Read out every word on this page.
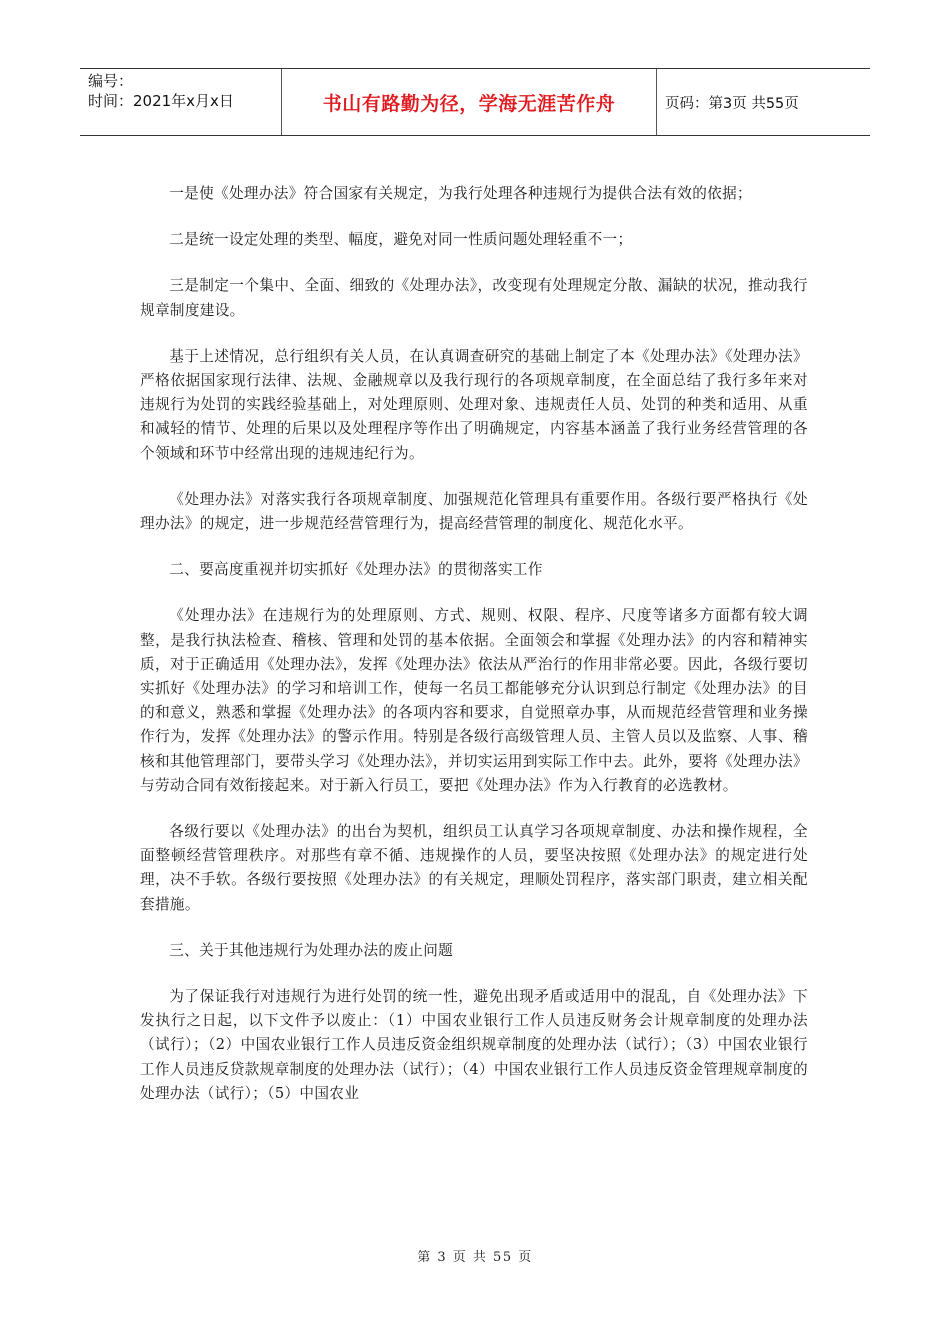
编号：
时间：2021年x月x日	书山有路勤为径，学海无涯苦作舟	页码：第3页 共55页

一是使《处理办法》符合国家有关规定，为我行处理各种违规行为提供合法有效的依据；

二是统一设定处理的类型、幅度，避免对同一性质问题处理轻重不一；

三是制定一个集中、全面、细致的《处理办法》，改变现有处理规定分散、漏缺的状况，推动我行规章制度建设。

基于上述情况，总行组织有关人员，在认真调查研究的基础上制定了本《处理办法》《处理办法》严格依据国家现行法律、法规、金融规章以及我行现行的各项规章制度，在全面总结了我行多年来对违规行为处罚的实践经验基础上，对处理原则、处理对象、违规责任人员、处罚的种类和适用、从重和减轻的情节、处理的后果以及处理程序等作出了明确规定，内容基本涵盖了我行业务经营管理的各个领域和环节中经常出现的违规违纪行为。

《处理办法》对落实我行各项规章制度、加强规范化管理具有重要作用。各级行要严格执行《处理办法》的规定，进一步规范经营管理行为，提高经营管理的制度化、规范化水平。

二、要高度重视并切实抓好《处理办法》的贯彻落实工作

《处理办法》在违规行为的处理原则、方式、规则、权限、程序、尺度等诸多方面都有较大调整，是我行执法检查、稽核、管理和处罚的基本依据。全面领会和掌握《处理办法》的内容和精神实质，对于正确适用《处理办法》，发挥《处理办法》依法从严治行的作用非常必要。因此，各级行要切实抓好《处理办法》的学习和培训工作，使每一名员工都能够充分认识到总行制定《处理办法》的目的和意义，熟悉和掌握《处理办法》的各项内容和要求，自觉照章办事，从而规范经营管理和业务操作行为，发挥《处理办法》的警示作用。特别是各级行高级管理人员、主管人员以及监察、人事、稽核和其他管理部门，要带头学习《处理办法》，并切实运用到实际工作中去。此外，要将《处理办法》与劳动合同有效衔接起来。对于新入行员工，要把《处理办法》作为入行教育的必选教材。

各级行要以《处理办法》的出台为契机，组织员工认真学习各项规章制度、办法和操作规程，全面整顿经营管理秩序。对那些有章不循、违规操作的人员，要坚决按照《处理办法》的规定进行处理，决不手软。各级行要按照《处理办法》的有关规定，理顺处罚程序，落实部门职责，建立相关配套措施。

三、关于其他违规行为处理办法的废止问题

为了保证我行对违规行为进行处罚的统一性，避免出现矛盾或适用中的混乱，自《处理办法》下发执行之日起，以下文件予以废止：（1）中国农业银行工作人员违反财务会计规章制度的处理办法（试行）；（2）中国农业银行工作人员违反资金组织规章制度的处理办法（试行）；（3）中国农业银行工作人员违反贷款规章制度的处理办法（试行）；（4）中国农业银行工作人员违反资金管理规章制度的处理办法（试行）；（5）中国农业

第 3 页 共 55 页
